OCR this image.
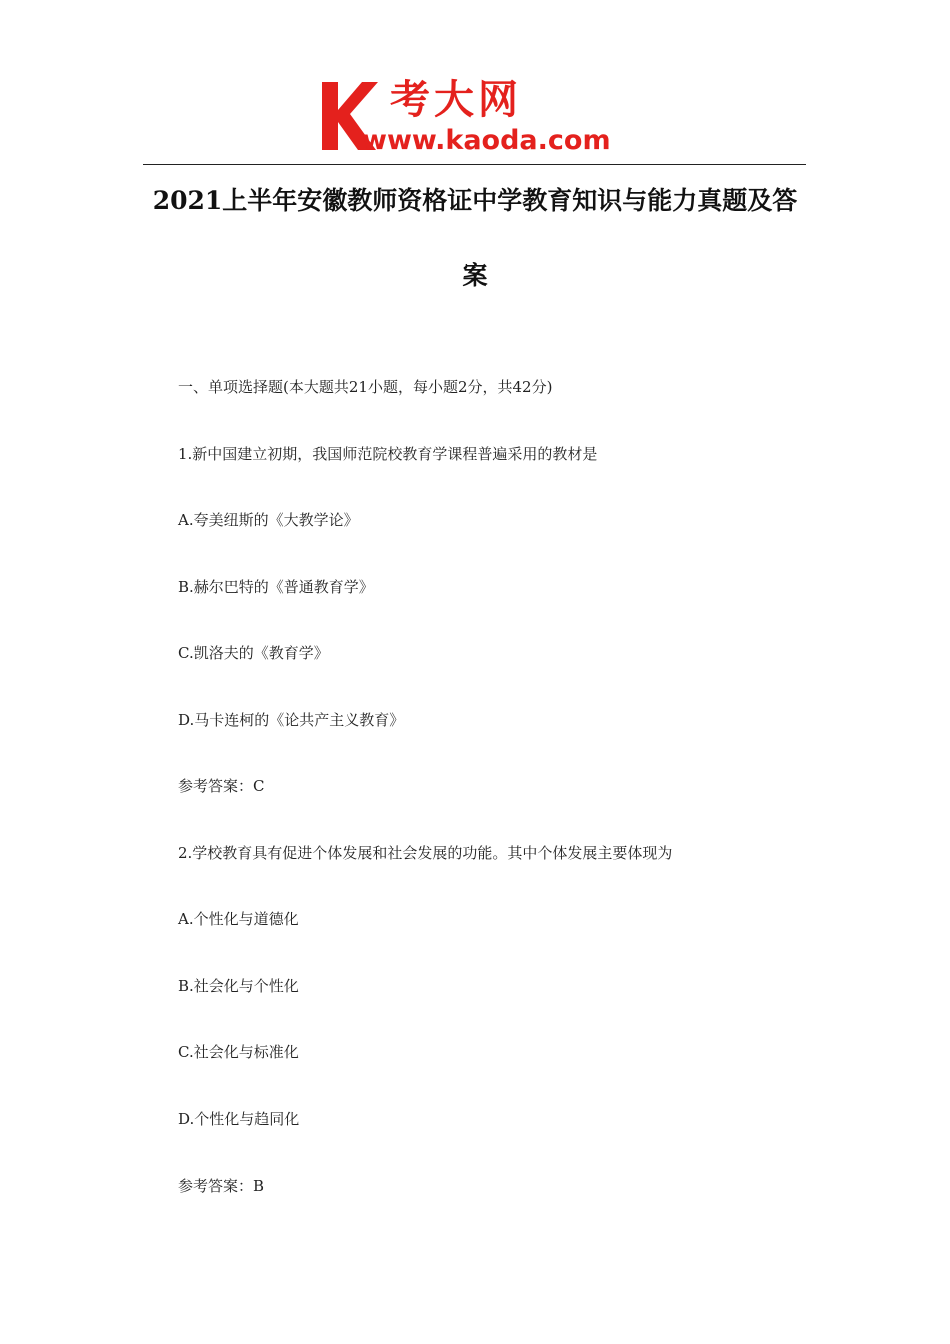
考大网
www.kaoda.com
2021上半年安徽教师资格证中学教育知识与能力真题及答
案
一、单项选择题(本大题共21小题，每小题2分，共42分)
1.新中国建立初期，我国师范院校教育学课程普遍采用的教材是
A.夸美纽斯的《大教学论》
B.赫尔巴特的《普通教育学》
C.凯洛夫的《教育学》
D.马卡连柯的《论共产主义教育》
参考答案：C
2.学校教育具有促进个体发展和社会发展的功能。其中个体发展主要体现为
A.个性化与道德化
B.社会化与个性化
C.社会化与标准化
D.个性化与趋同化
参考答案：B
